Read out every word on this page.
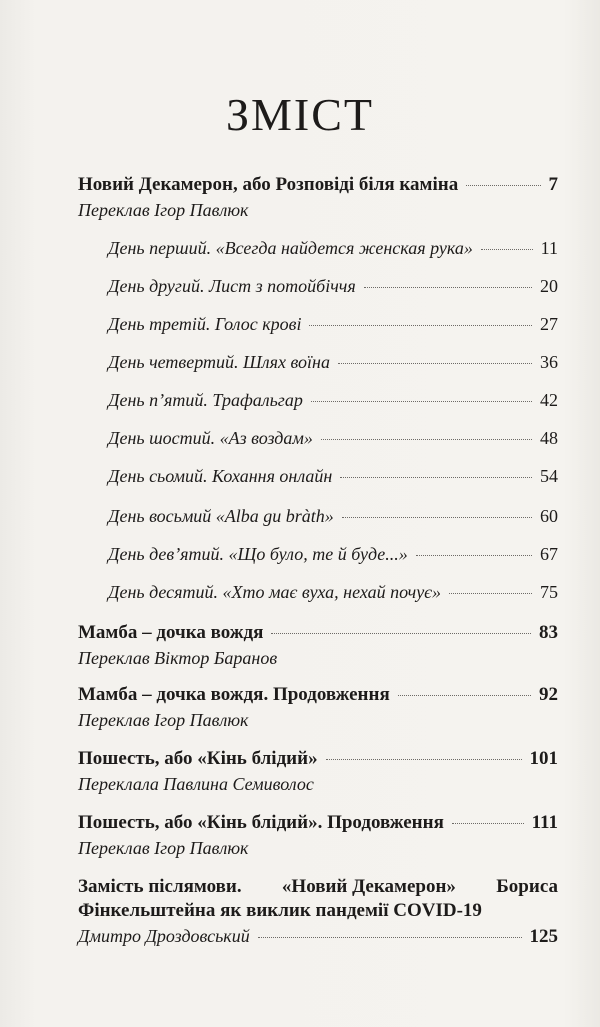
ЗМІСТ
Новий Декамерон, або Розповіді біля каміна	7
Переклав Ігор Павлюк
День перший. «Всегда найдется женская рука»	11
День другий. Лист з потойбіччя	20
День третій. Голос крові	27
День четвертий. Шлях воїна	36
День п’ятий. Трафальгар	42
День шостий. «Аз воздам»	48
День сьомий. Кохання онлайн	54
День восьмий «Alba gu bràth»	60
День дев’ятий. «Що було, те й буде...»	67
День десятий. «Хто має вуха, нехай почує»	75
Мамба – дочка вождя	83
Переклав Віктор Баранов
Мамба – дочка вождя. Продовження	92
Переклав Ігор Павлюк
Пошесть, або «Кінь блідий»	101
Переклала Павлина Семиволос
Пошесть, або «Кінь блідий». Продовження	111
Переклав Ігор Павлюк
Замість післямови. «Новий Декамерон» Бориса
Фінкельштейна як виклик пандемії COVID-19
Дмитро Дроздовський	125
